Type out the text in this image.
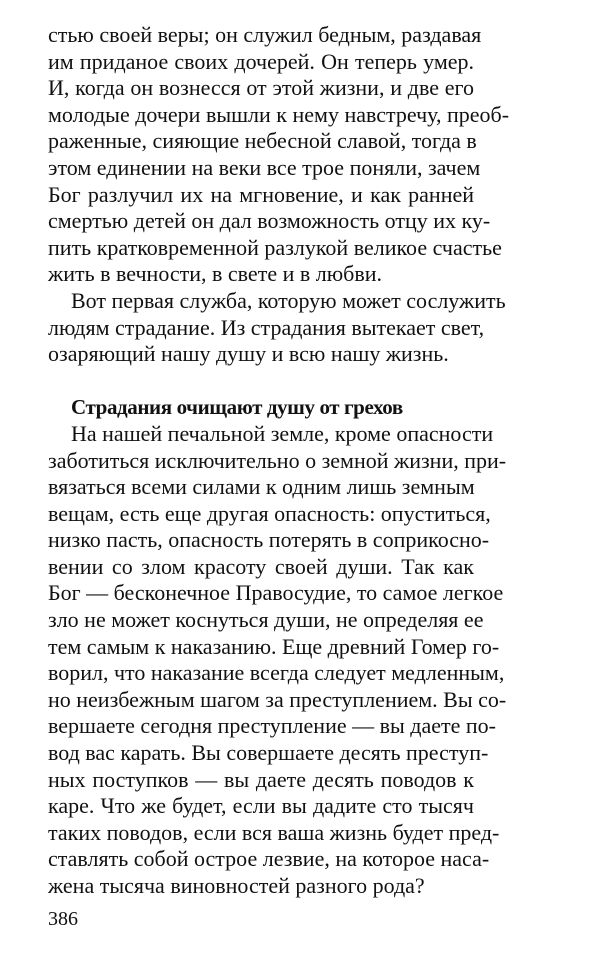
стью своей веры; он служил бедным, раздавая
им приданое своих дочерей. Он теперь умер.
И, когда он вознесся от этой жизни, и две его
молодые дочери вышли к нему навстречу, преоб-
раженные, сияющие небесной славой, тогда в
этом единении на веки все трое поняли, зачем
Бог разлучил их на мгновение, и как ранней
смертью детей он дал возможность отцу их ку-
пить кратковременной разлукой великое счастье
жить в вечности, в свете и в любви.
Вот первая служба, которую может сослужить
людям страдание. Из страдания вытекает свет,
озаряющий нашу душу и всю нашу жизнь.
Страдания очищают душу от грехов
На нашей печальной земле, кроме опасности
заботиться исключительно о земной жизни, при-
вязаться всеми силами к одним лишь земным
вещам, есть еще другая опасность: опуститься,
низко пасть, опасность потерять в соприкосно-
вении со злом красоту своей души. Так как
Бог — бесконечное Правосудие, то самое легкое
зло не может коснуться души, не определяя ее
тем самым к наказанию. Еще древний Гомер го-
ворил, что наказание всегда следует медленным,
но неизбежным шагом за преступлением. Вы со-
вершаете сегодня преступление — вы даете по-
вод вас карать. Вы совершаете десять преступ-
ных поступков — вы даете десять поводов к
каре. Что же будет, если вы дадите сто тысяч
таких поводов, если вся ваша жизнь будет пред-
ставлять собой острое лезвие, на которое наса-
жена тысяча виновностей разного рода?
386
